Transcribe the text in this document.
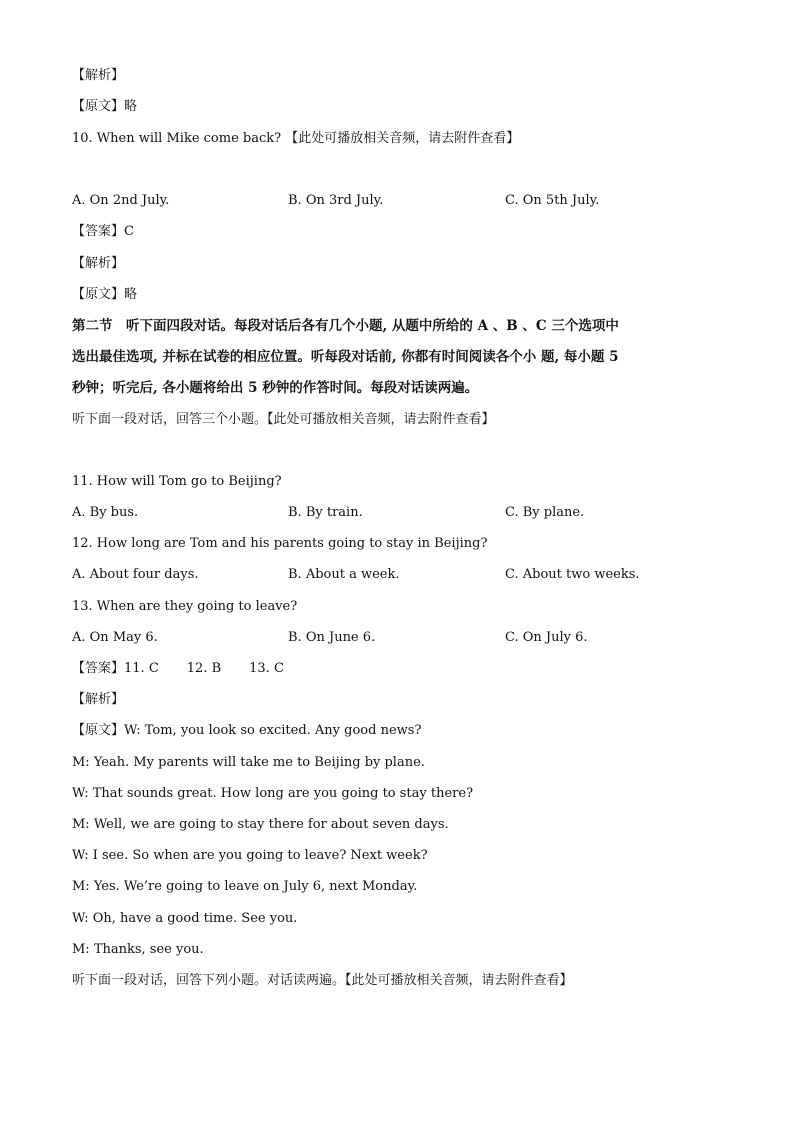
【解析】
【原文】略
10. When will Mike come back? 【此处可播放相关音频，请去附件查看】
A. On 2nd July.	B. On 3rd July.	C. On 5th July.
【答案】C
【解析】
【原文】略
第二节　听下面四段对话。每段对话后各有几个小题, 从题中所给的 A 、B 、C 三个选项中
选出最佳选项, 并标在试卷的相应位置。听每段对话前, 你都有时间阅读各个小 题, 每小题 5
秒钟；听完后, 各小题将给出 5 秒钟的作答时间。每段对话读两遍。
听下面一段对话，回答三个小题。【此处可播放相关音频，请去附件查看】
11. How will Tom go to Beijing?
A. By bus.	B. By train.	C. By plane.
12. How long are Tom and his parents going to stay in Beijing?
A. About four days.	B. About a week.	C. About two weeks.
13. When are they going to leave?
A. On May 6.	B. On June 6.	C. On July 6.
【答案】11. C 12. B 13. C
【解析】
【原文】W: Tom, you look so excited. Any good news?
M: Yeah. My parents will take me to Beijing by plane.
W: That sounds great. How long are you going to stay there?
M: Well, we are going to stay there for about seven days.
W: I see. So when are you going to leave? Next week?
M: Yes. We’re going to leave on July 6, next Monday.
W: Oh, have a good time. See you.
M: Thanks, see you.
听下面一段对话，回答下列小题。对话读两遍。【此处可播放相关音频，请去附件查看】
